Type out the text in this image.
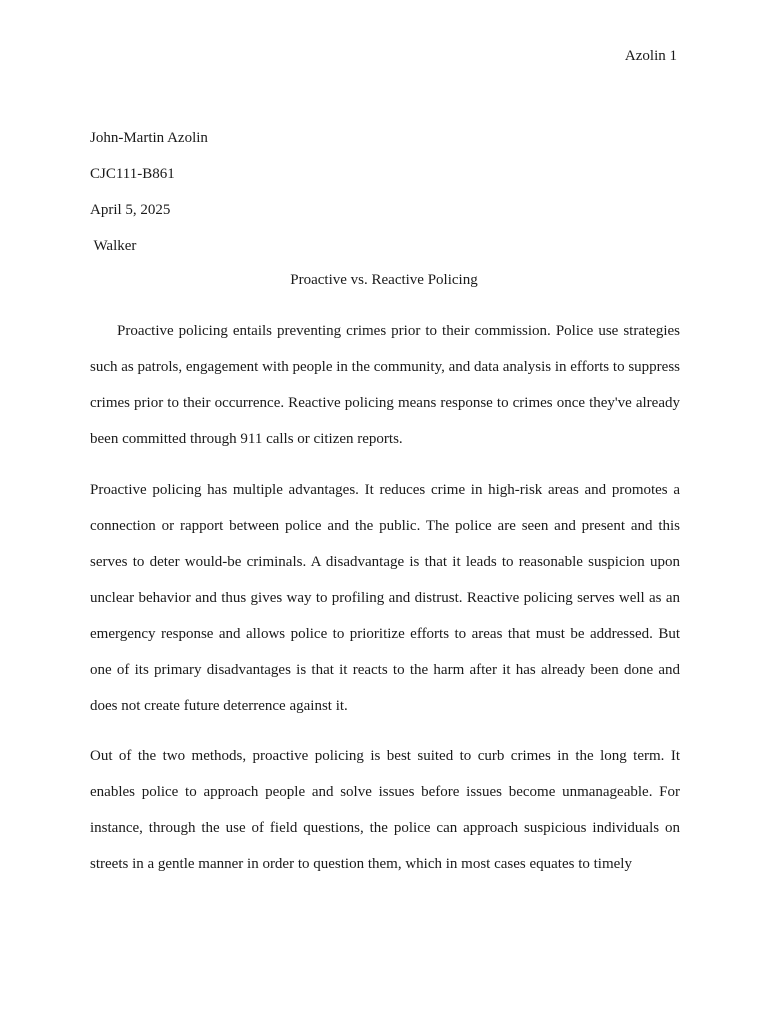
Azolin 1
John-Martin Azolin
CJC111-B861
April 5, 2025
Walker
Proactive vs. Reactive Policing

Proactive policing entails preventing crimes prior to their commission. Police use strategies such as patrols, engagement with people in the community, and data analysis in efforts to suppress crimes prior to their occurrence. Reactive policing means response to crimes once they've already been committed through 911 calls or citizen reports.

Proactive policing has multiple advantages. It reduces crime in high-risk areas and promotes a connection or rapport between police and the public. The police are seen and present and this serves to deter would-be criminals. A disadvantage is that it leads to reasonable suspicion upon unclear behavior and thus gives way to profiling and distrust. Reactive policing serves well as an emergency response and allows police to prioritize efforts to areas that must be addressed. But one of its primary disadvantages is that it reacts to the harm after it has already been done and does not create future deterrence against it.

Out of the two methods, proactive policing is best suited to curb crimes in the long term. It enables police to approach people and solve issues before issues become unmanageable. For instance, through the use of field questions, the police can approach suspicious individuals on streets in a gentle manner in order to question them, which in most cases equates to timely
